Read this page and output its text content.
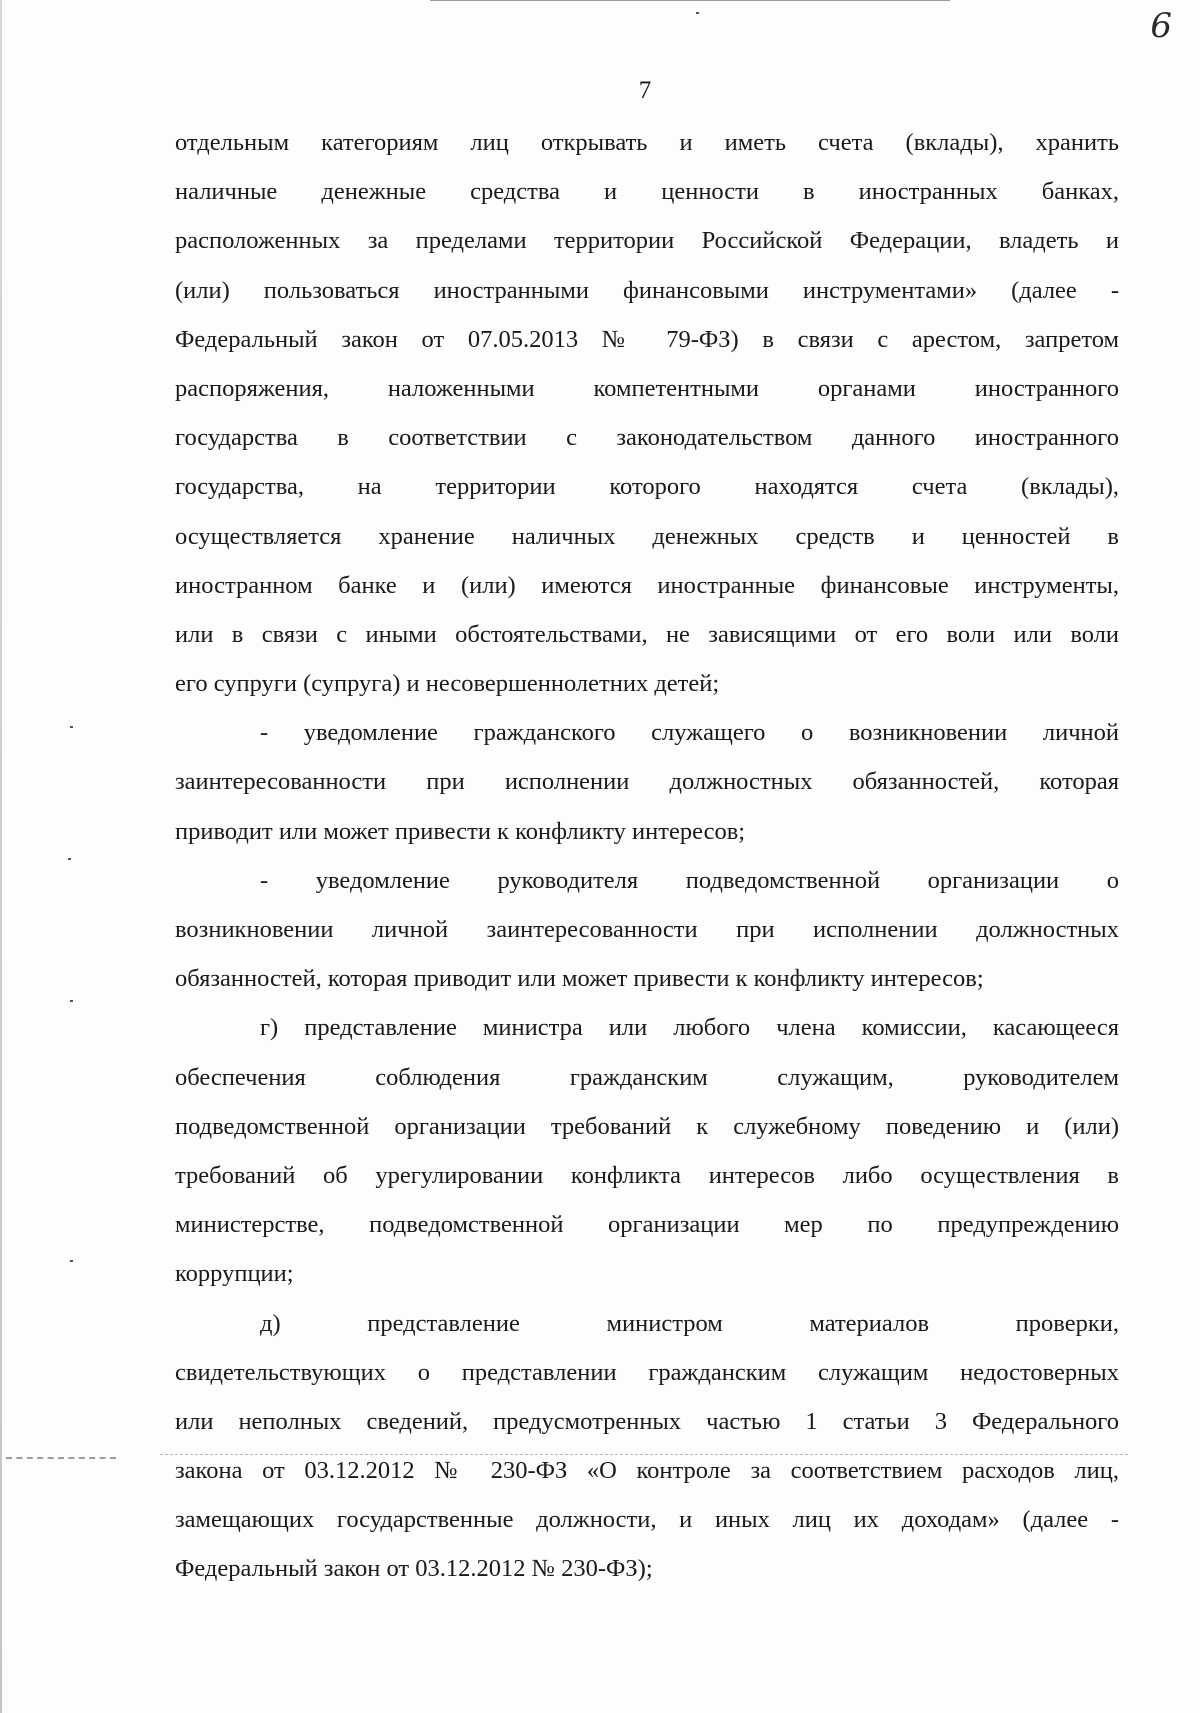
6
7
отдельным категориям лиц открывать и иметь счета (вклады), хранить
наличные денежные средства и ценности в иностранных банках,
расположенных за пределами территории Российской Федерации, владеть и
(или) пользоваться иностранными финансовыми инструментами» (далее -
Федеральный закон от 07.05.2013 № 79-ФЗ) в связи с арестом, запретом
распоряжения, наложенными компетентными органами иностранного
государства в соответствии с законодательством данного иностранного
государства, на территории которого находятся счета (вклады),
осуществляется хранение наличных денежных средств и ценностей в
иностранном банке и (или) имеются иностранные финансовые инструменты,
или в связи с иными обстоятельствами, не зависящими от его воли или воли
его супруги (супруга) и несовершеннолетних детей;
- уведомление гражданского служащего о возникновении личной
заинтересованности при исполнении должностных обязанностей, которая
приводит или может привести к конфликту интересов;
- уведомление руководителя подведомственной организации о
возникновении личной заинтересованности при исполнении должностных
обязанностей, которая приводит или может привести к конфликту интересов;
г) представление министра или любого члена комиссии, касающееся
обеспечения соблюдения гражданским служащим, руководителем
подведомственной организации требований к служебному поведению и (или)
требований об урегулировании конфликта интересов либо осуществления в
министерстве, подведомственной организации мер по предупреждению
коррупции;
д) представление министром материалов проверки,
свидетельствующих о представлении гражданским служащим недостоверных
или неполных сведений, предусмотренных частью 1 статьи 3 Федерального
закона от 03.12.2012 № 230-ФЗ «О контроле за соответствием расходов лиц,
замещающих государственные должности, и иных лиц их доходам» (далее -
Федеральный закон от 03.12.2012 № 230-ФЗ);
